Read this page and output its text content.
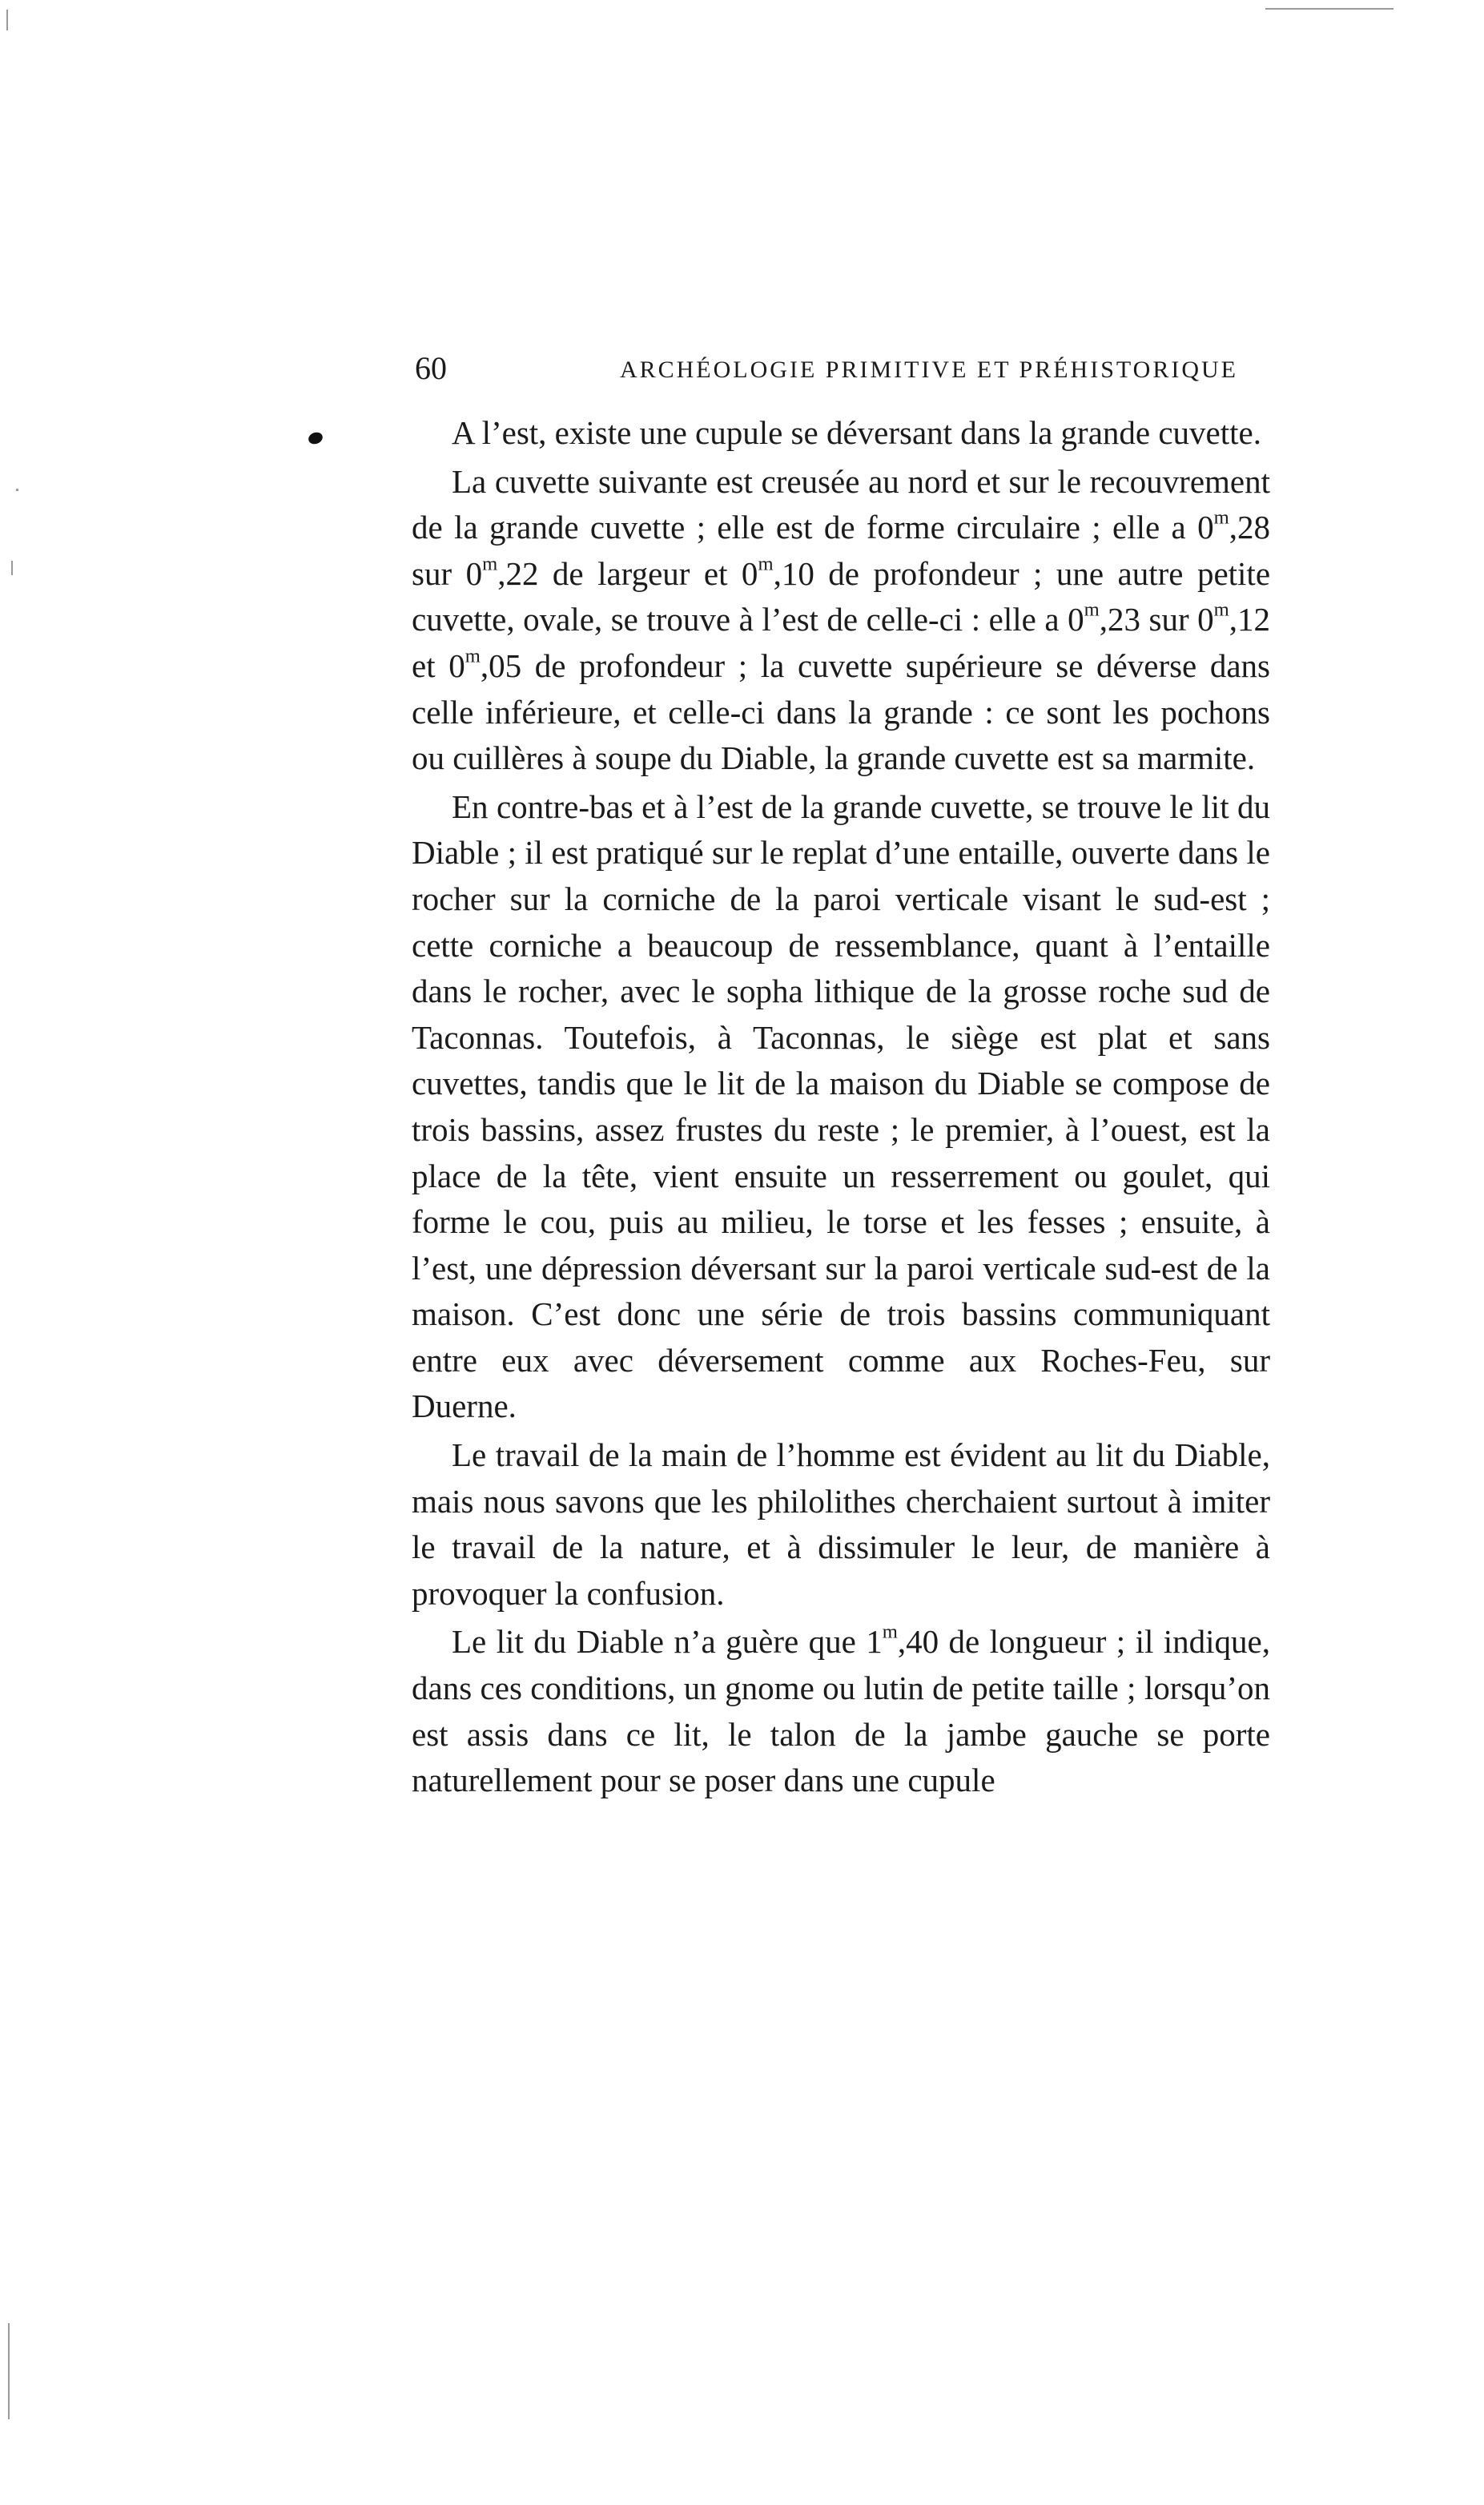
60	ARCHÉOLOGIE PRIMITIVE ET PRÉHISTORIQUE

A l’est, existe une cupule se déversant dans la grande cuvette.

La cuvette suivante est creusée au nord et sur le recouvrement de la grande cuvette ; elle est de forme circulaire ; elle a 0$^m$,28 sur 0$^m$,22 de largeur et 0$^m$,10 de profondeur ; une autre petite cuvette, ovale, se trouve à l’est de celle-ci : elle a 0$^m$,23 sur 0$^m$,12 et 0$^m$,05 de profondeur ; la cuvette supérieure se déverse dans celle inférieure, et celle-ci dans la grande : ce sont les pochons ou cuillères à soupe du Diable, la grande cuvette est sa marmite.

En contre-bas et à l’est de la grande cuvette, se trouve le lit du Diable ; il est pratiqué sur le replat d’une entaille, ouverte dans le rocher sur la corniche de la paroi verticale visant le sud-est ; cette corniche a beaucoup de ressemblance, quant à l’entaille dans le rocher, avec le sopha lithique de la grosse roche sud de Taconnas. Toutefois, à Taconnas, le siège est plat et sans cuvettes, tandis que le lit de la maison du Diable se compose de trois bassins, assez frustes du reste ; le premier, à l’ouest, est la place de la tête, vient ensuite un resserrement ou goulet, qui forme le cou, puis au milieu, le torse et les fesses ; ensuite, à l’est, une dépression déversant sur la paroi verticale sud-est de la maison. C’est donc une série de trois bassins communiquant entre eux avec déversement comme aux Roches-Feu, sur Duerne.

Le travail de la main de l’homme est évident au lit du Diable, mais nous savons que les philolithes cherchaient surtout à imiter le travail de la nature, et à dissimuler le leur, de manière à provoquer la confusion.

Le lit du Diable n’a guère que 1$^m$,40 de longueur ; il indique, dans ces conditions, un gnome ou lutin de petite taille ; lorsqu’on est assis dans ce lit, le talon de la jambe gauche se porte naturellement pour se poser dans une cupule
